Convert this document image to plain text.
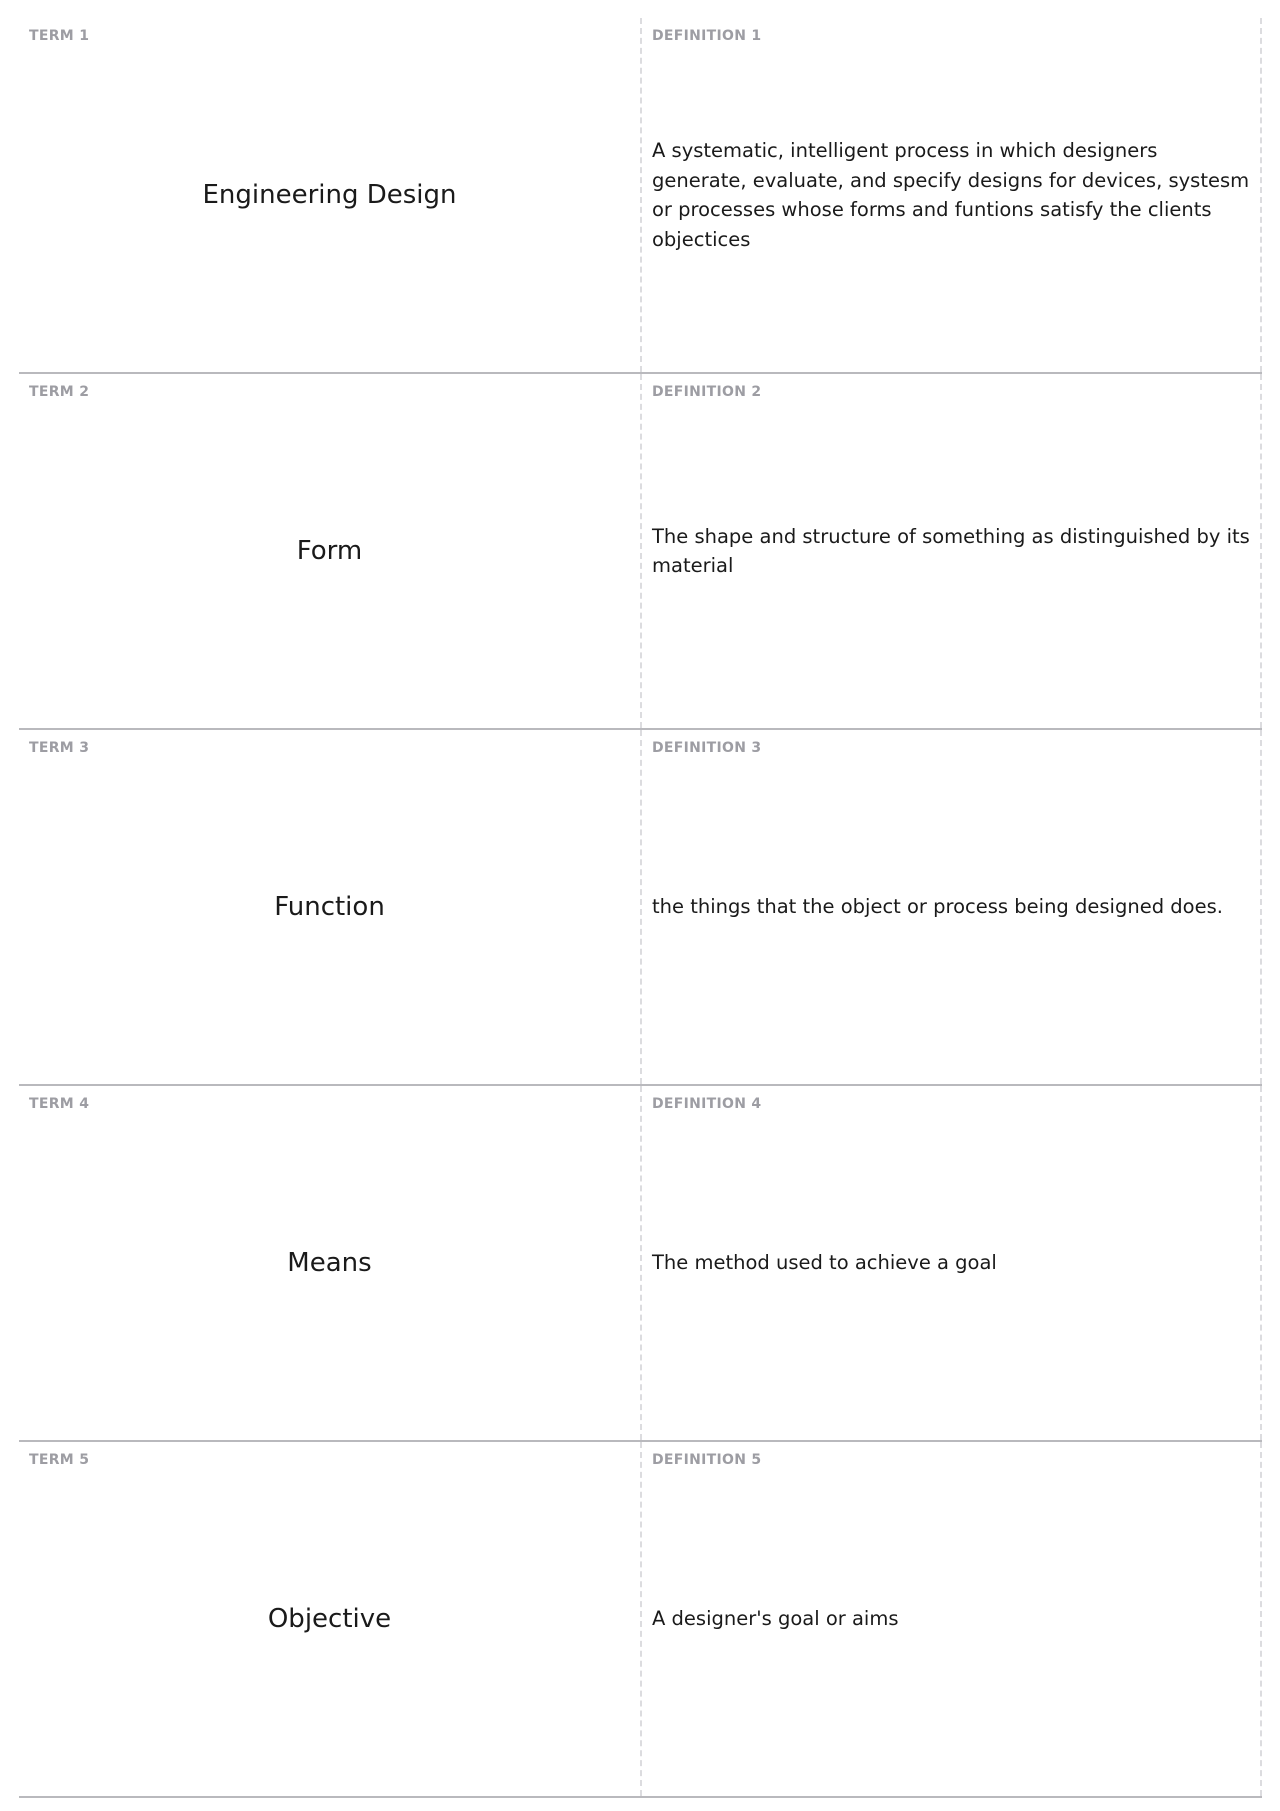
TERM 1
Engineering Design
DEFINITION 1
A systematic, intelligent process in which designers generate, evaluate, and specify designs for devices, systesm or processes whose forms and funtions satisfy the clients objectices
TERM 2
Form
DEFINITION 2
The shape and structure of something as distinguished by its material
TERM 3
Function
DEFINITION 3
the things that the object or process being designed does.
TERM 4
Means
DEFINITION 4
The method used to achieve a goal
TERM 5
Objective
DEFINITION 5
A designer's goal or aims
